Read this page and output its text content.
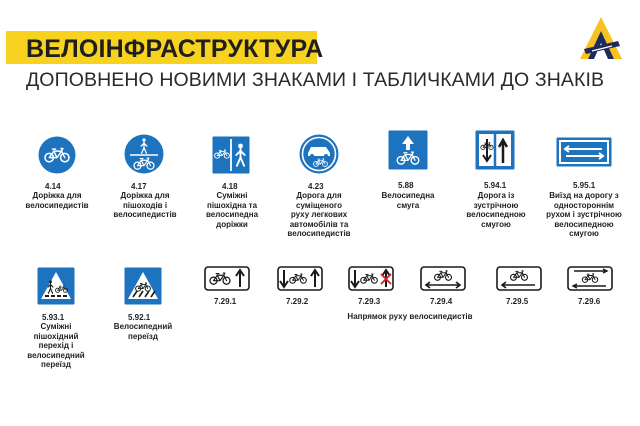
ВЕЛОІНФРАСТРУКТУРА
ДОПОВНЕНО НОВИМИ ЗНАКАМИ І ТАБЛИЧКАМИ ДО ЗНАКІВ
4.14
Доріжка для велосипедистів
4.17
Доріжка для пішоходів і велосипедистів
4.18
Суміжні пішохідна та велосипедна доріжки
4.23
Дорога для суміщеного руху легкових автомобілів та велосипедистів
5.88
Велосипедна смуга
5.94.1
Дорога із зустрічною велосипедною смугою
5.95.1
Виїзд на дорогу з одностороннім рухом і зустрічною велосипедною смугою
5.93.1
Суміжні пішохідний перехід і велосипедний переїзд
5.92.1
Велосипедний переїзд
7.29.1	7.29.2	7.29.3	7.29.4	7.29.5	7.29.6
Напрямок руху велосипедистів
